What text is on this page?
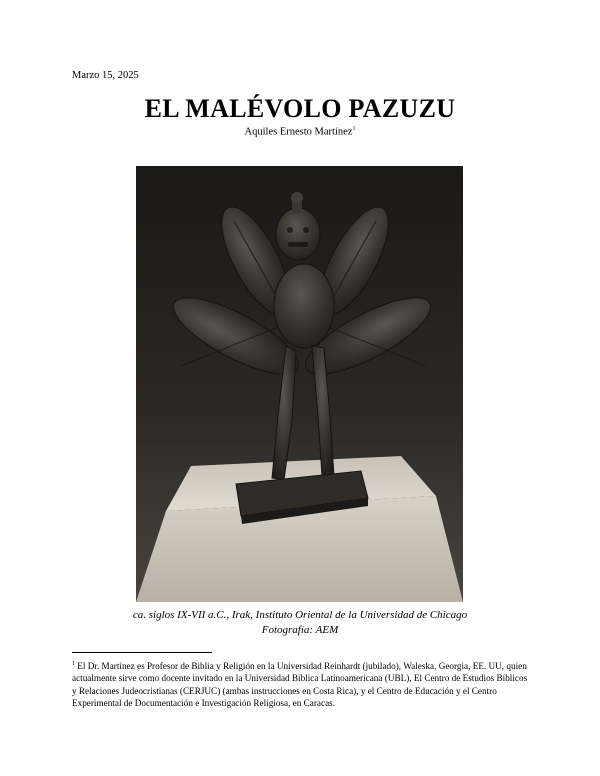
Marzo 15, 2025
EL MALÉVOLO PAZUZU
Aquiles Ernesto Martínez$^1$
ca. siglos IX-VII a.C., Irak, Instituto Oriental de la Universidad de Chicago
Fotografía: AEM
$^1$ El Dr. Martínez es Profesor de Biblia y Religión en la Universidad Reinhardt (jubilado), Waleska, Georgia, EE. UU, quien actualmente sirve como docente invitado en la Universidad Bíblica Latinoamericana (UBL), El Centro de Estudios Bíblicos y Relaciones Judeocristianas (CERJUC) (ambas instrucciones en Costa Rica), y el Centro de Educación y el Centro Experimental de Documentación e Investigación Religiosa, en Caracas.
